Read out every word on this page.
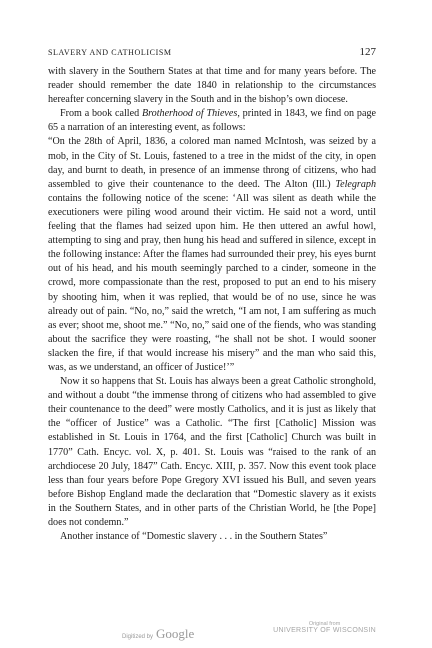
SLAVERY AND CATHOLICISM	127

with slavery in the Southern States at that time and for many years before. The reader should remember the date 1840 in relationship to the circumstances hereafter concerning slavery in the South and in the bishop’s own diocese.

From a book called Brotherhood of Thieves, printed in 1843, we find on page 65 a narration of an interesting event, as follows:

“On the 28th of April, 1836, a colored man named McIntosh, was seized by a mob, in the City of St. Louis, fastened to a tree in the midst of the city, in open day, and burnt to death, in presence of an immense throng of citizens, who had assembled to give their countenance to the deed. The Alton (Ill.) Telegraph contains the following notice of the scene: ‘All was silent as death while the executioners were piling wood around their victim. He said not a word, until feeling that the flames had seized upon him. He then uttered an awful howl, attempting to sing and pray, then hung his head and suffered in silence, except in the following instance: After the flames had surrounded their prey, his eyes burnt out of his head, and his mouth seemingly parched to a cinder, someone in the crowd, more compassionate than the rest, proposed to put an end to his misery by shooting him, when it was replied, that would be of no use, since he was already out of pain. “No, no,” said the wretch, “I am not, I am suffering as much as ever; shoot me, shoot me.” “No, no,” said one of the fiends, who was standing about the sacrifice they were roasting, “he shall not be shot. I would sooner slacken the fire, if that would increase his misery” and the man who said this, was, as we understand, an officer of Justice!’”

Now it so happens that St. Louis has always been a great Catholic stronghold, and without a doubt “the immense throng of citizens who had assembled to give their countenance to the deed” were mostly Catholics, and it is just as likely that the “officer of Justice” was a Catholic. “The first [Catholic] Mission was established in St. Louis in 1764, and the first [Catholic] Church was built in 1770” Cath. Encyc. vol. X, p. 401. St. Louis was “raised to the rank of an archdiocese 20 July, 1847” Cath. Encyc. XIII, p. 357. Now this event took place less than four years before Pope Gregory XVI issued his Bull, and seven years before Bishop England made the declaration that “Domestic slavery as it exists in the Southern States, and in other parts of the Christian World, he [the Pope] does not condemn.”

Another instance of “Domestic slavery . . . in the Southern States”

Digitized by Google
Original from
UNIVERSITY OF WISCONSIN
